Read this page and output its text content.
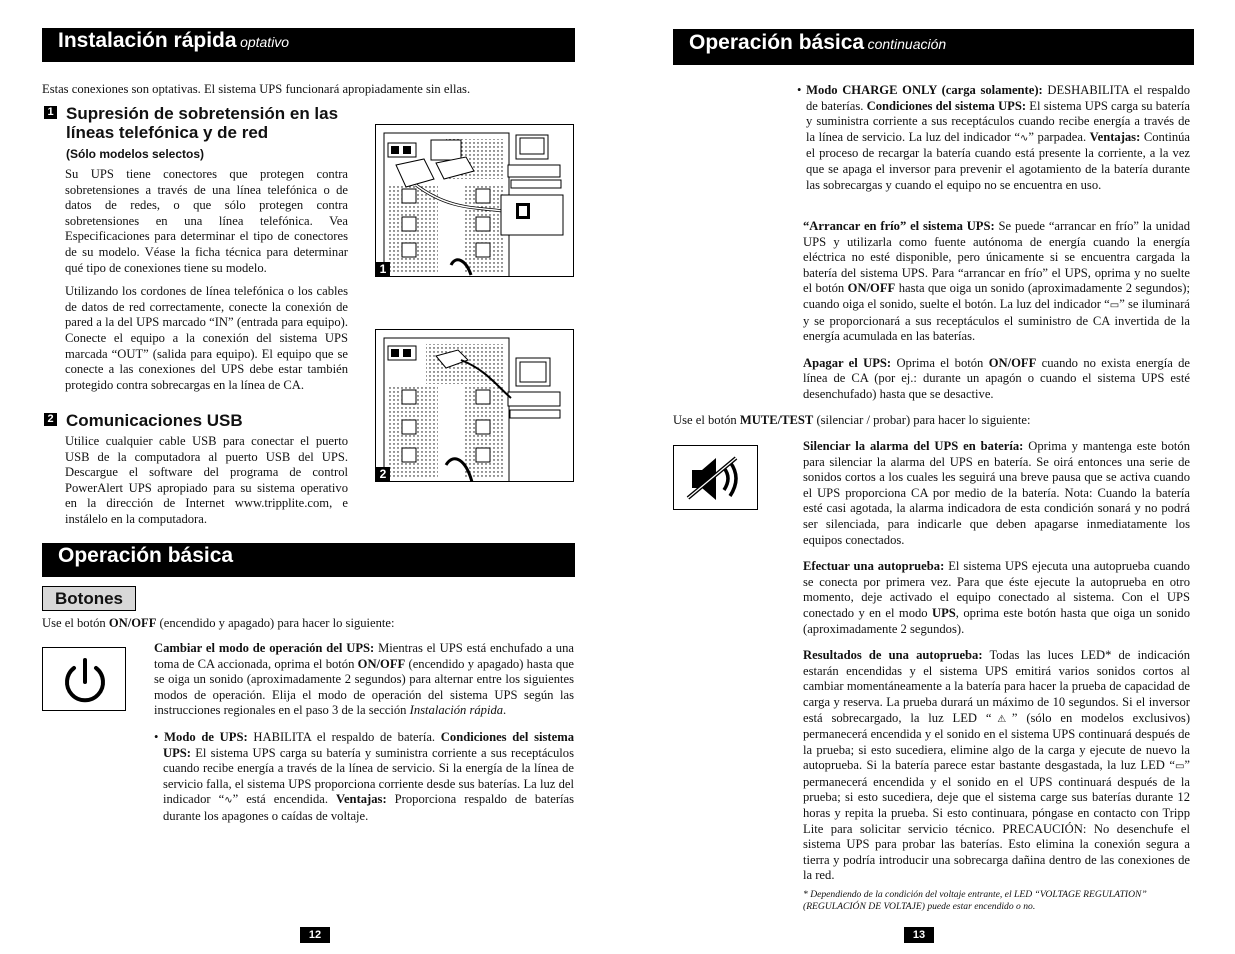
Instalación rápida optativo
Estas conexiones son optativas. El sistema UPS funcionará apropiadamente sin ellas.
1 Supresión de sobretensión en las líneas telefónica y de red
(Sólo modelos selectos)
Su UPS tiene conectores que protegen contra sobretensiones a través de una línea telefónica o de datos de redes, o que sólo protegen contra sobretensiones en una línea telefónica. Vea Especificaciones para determinar el tipo de conectores de su modelo. Véase la ficha técnica para determinar qué tipo de conexiones tiene su modelo.
Utilizando los cordones de línea telefónica o los cables de datos de red correctamente, conecte la conexión de pared a la del UPS marcado “IN” (entrada para equipo). Conecte el equipo a la conexión del sistema UPS marcada “OUT” (salida para equipo). El equipo que se conecte a las conexiones del UPS debe estar también protegido contra sobrecargas en la línea de CA.
2 Comunicaciones USB
Utilice cualquier cable USB para conectar el puerto USB de la computadora al puerto USB del UPS. Descargue el software del programa de control PowerAlert UPS apropiado para su sistema operativo en la dirección de Internet www.tripplite.com, e instálelo en la computadora.
1
2
Operación básica
Botones
Use el botón ON/OFF (encendido y apagado) para hacer lo siguiente:
Cambiar el modo de operación del UPS: Mientras el UPS está enchufado a una toma de CA accionada, oprima el botón ON/OFF (encendido y apagado) hasta que se oiga un sonido (aproximadamente 2 segundos) para alternar entre los siguientes modos de operación. Elija el modo de operación del sistema UPS según las instrucciones regionales en el paso 3 de la sección Instalación rápida.
• Modo de UPS: HABILITA el respaldo de batería. Condiciones del sistema UPS: El sistema UPS carga su batería y suministra corriente a sus receptáculos cuando recibe energía a través de la línea de servicio. Si la energía de la línea de servicio falla, el sistema UPS proporciona corriente desde sus baterías. La luz del indicador “∿” está encendida. Ventajas: Proporciona respaldo de baterías durante los apagones o caídas de voltaje.
12
Operación básica continuación
• Modo CHARGE ONLY (carga solamente): DESHABILITA el respaldo de baterías. Condiciones del sistema UPS: El sistema UPS carga su batería y suministra corriente a sus receptáculos cuando recibe energía a través de la línea de servicio. La luz del indicador “∿” parpadea. Ventajas: Continúa el proceso de recargar la batería cuando está presente la corriente, a la vez que se apaga el inversor para prevenir el agotamiento de la batería durante las sobrecargas y cuando el equipo no se encuentra en uso.
“Arrancar en frío” el sistema UPS: Se puede “arrancar en frío” la unidad UPS y utilizarla como fuente autónoma de energía cuando la energía eléctrica no esté disponible, pero únicamente si se encuentra cargada la batería del sistema UPS. Para “arrancar en frío” el UPS, oprima y no suelte el botón ON/OFF hasta que oiga un sonido (aproximadamente 2 segundos); cuando oiga el sonido, suelte el botón. La luz del indicador “▭” se iluminará y se proporcionará a sus receptáculos el suministro de CA invertida de la energía acumulada en las baterías.
Apagar el UPS: Oprima el botón ON/OFF cuando no exista energía de línea de CA (por ej.: durante un apagón o cuando el sistema UPS esté desenchufado) hasta que se desactive.
Use el botón MUTE/TEST (silenciar / probar) para hacer lo siguiente:
Silenciar la alarma del UPS en batería: Oprima y mantenga este botón para silenciar la alarma del UPS en batería. Se oirá entonces una serie de sonidos cortos a los cuales les seguirá una breve pausa que se activa cuando el UPS proporciona CA por medio de la batería. Nota: Cuando la batería esté casi agotada, la alarma indicadora de esta condición sonará y no podrá ser silenciada, para indicarle que deben apagarse inmediatamente los equipos conectados.
Efectuar una autoprueba: El sistema UPS ejecuta una autoprueba cuando se conecta por primera vez. Para que éste ejecute la autoprueba en otro momento, deje activado el equipo conectado al sistema. Con el UPS conectado y en el modo UPS, oprima este botón hasta que oiga un sonido (aproximadamente 2 segundos).
Resultados de una autoprueba: Todas las luces LED* de indicación estarán encendidas y el sistema UPS emitirá varios sonidos cortos al cambiar momentáneamente a la batería para hacer la prueba de capacidad de carga y reserva. La prueba durará un máximo de 10 segundos. Si el inversor está sobrecargado, la luz LED “⚠” (sólo en modelos exclusivos) permanecerá encendida y el sonido en el sistema UPS continuará después de la prueba; si esto sucediera, elimine algo de la carga y ejecute de nuevo la autoprueba. Si la batería parece estar bastante desgastada, la luz LED “▭” permanecerá encendida y el sonido en el UPS continuará después de la prueba; si esto sucediera, deje que el sistema carge sus baterías durante 12 horas y repita la prueba. Si esto continuara, póngase en contacto con Tripp Lite para solicitar servicio técnico. PRECAUCIÓN: No desenchufe el sistema UPS para probar las baterías. Esto elimina la conexión segura a tierra y podría introducir una sobrecarga dañina dentro de las conexiones de la red.
* Dependiendo de la condición del voltaje entrante, el LED “VOLTAGE REGULATION” (REGULACIÓN DE VOLTAJE) puede estar encendido o no.
13
